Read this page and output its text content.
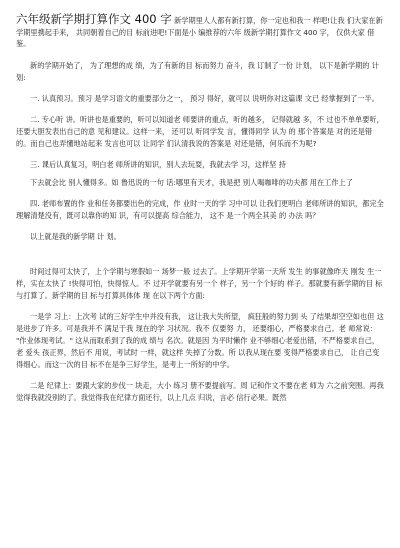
六年级新学期打算作文 400 字 新学期里人人都有新打算，你一定也和我一 样吧!让我 们大家在新学期里携起手来， 共同朝着自己的目 标前进吧!下面是小 编推荐的六年 级新学期打算作文 400 字， 仅供大家 借鉴。

新的学期开始了， 为了理想的成 绩，为了有新的目 标而努力 奋斗，我 订制了一份 计划， 以下是新学期的 计 划:

一. 认真预习。预习 是学习语文的重要部分之一， 预习 得好，就可以 说明你对这篇课 文已 经掌握到了一半。

二. 专心听 讲。听讲也是重要的，听可以知道老 师要讲的重点，听的越多， 记得就越 多，不 过也不单单要听， 还要大胆发表出自己的意 见和建议。这样一来， 还可以 听同学发 言，懂得同学 认为 的 那个答案是 对的还是错的。而自己也弄懂地站起来 发言也可以 让同学 们认清我说的答案是 对还是错，何乐而不为呢?

三. 课后认真复习，明白老 师所讲的知识，别人去玩耍，我就去学 习，这样坚 持

下去就会比 别人懂得多。如 鲁迅说的一句 话:哪里有天才，我是把 别人喝咖啡的功夫都 用在工作上了

四. 老师布置的作 业和任务都要出色的完成，作 业时一天的学 习中可以 让我们更明白 老师所讲的知识，都完全理解清楚没有，既可以靠你的知 识，有可以提高 综合能力， 这不 是一个两全其美 的 办法 吗？

以上就是我的新学期 计 划。

时间过得可太快了，上个学期与寒假如一 场梦一般 过去了。上学期开学第一天所 发生 的事就像昨天 刚发 生一样，实在太快了 !快得可怕，快得惊人。不 过开学就要有另一个 样子，另一个个好的 样子。那就要有新学期的目 标与打算了。新学期的目 标与打算具体体 现 在以下两个方面:

一是学 习上：上次考 试的三好学生中并没有我， 这让我大失所望， 疯狂般的努力到 头 了结果却空空如也但 这是进步了许多。可是我并不 满足于我 现在的学 习状况。我不 仅要努 力， 还要细心，严格要求自己。老 师常说： "作业体现考试。" 这从而取系到了我的成 绩与 名次。就是因 为平时懒作 业不够细心老爱出错，不严格要求自己，老 爱头 孩正界，然后不 用说，考试时 一样，就这样 失掉了分数。所 以我从现在要 变得严格要求自己， 让自己变 得细心。而这一次的目 标不在是争三好学生，是考上一所好的中学。

二是 纪律上：要跟大家的步伐一 块走，大小 练习 册不要提前写。周 记和作文不要在老 师为 六之前突围。再我觉得我就没别的了。我觉得我在纪律方面还行，以上几点 归说，言必 信行必果。既然
